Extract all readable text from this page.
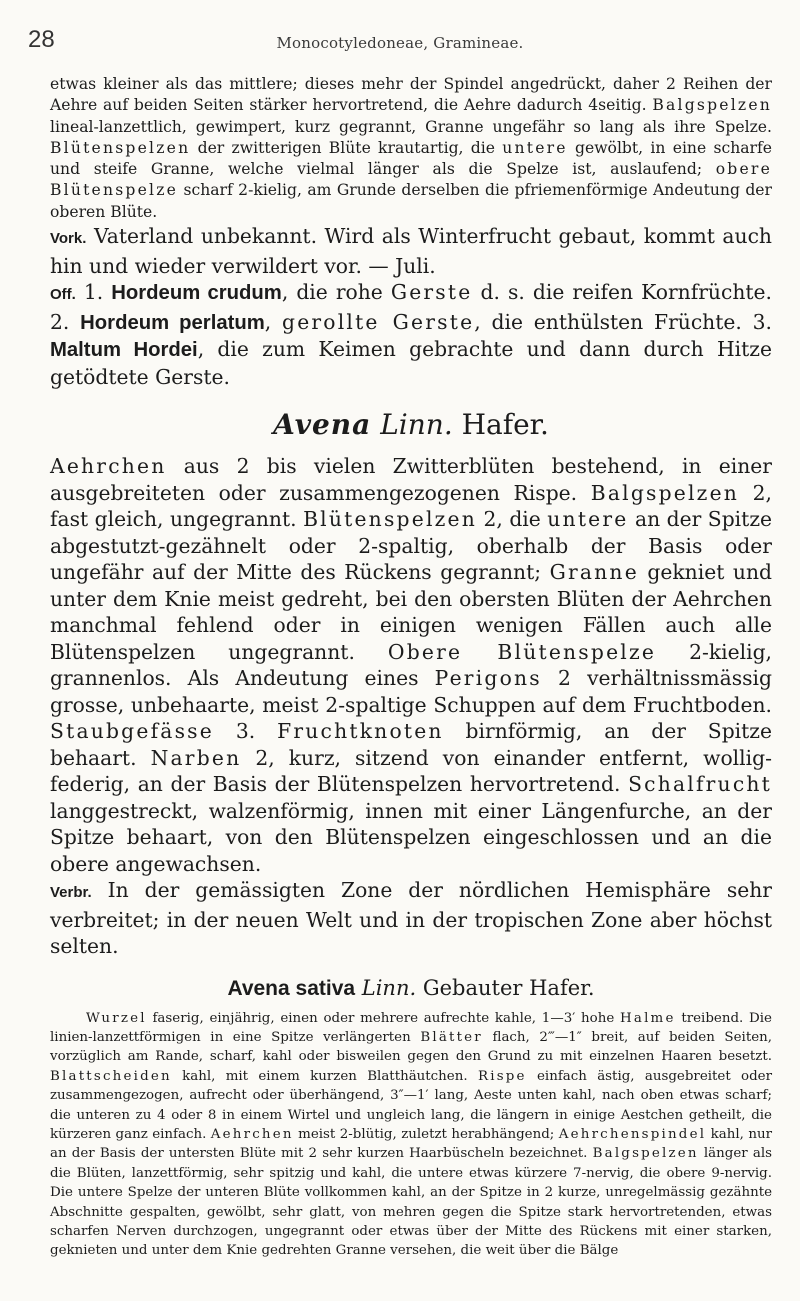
28	Monocotyledoneae, Gramineae.

etwas kleiner als das mittlere; dieses mehr der Spindel angedrückt, daher 2 Reihen der Aehre auf beiden Seiten stärker hervortretend, die Aehre dadurch 4seitig. Balgspelzen lineal-lanzettlich, gewimpert, kurz gegrannt, Granne ungefähr so lang als ihre Spelze. Blütenspelzen der zwitterigen Blüte krautartig, die untere gewölbt, in eine scharfe und steife Granne, welche vielmal länger als die Spelze ist, auslaufend; obere Blütenspelze scharf 2-kielig, am Grunde derselben die pfriemenförmige Andeutung der oberen Blüte.

Vork. Vaterland unbekannt. Wird als Winterfrucht gebaut, kommt auch hin und wieder verwildert vor. — Juli.

Off. 1. Hordeum crudum, die rohe Gerste d. s. die reifen Kornfrüchte. 2. Hordeum perlatum, gerollte Gerste, die enthülsten Früchte. 3. Maltum Hordei, die zum Keimen gebrachte und dann durch Hitze getödtete Gerste.

Avena Linn. Hafer.

Aehrchen aus 2 bis vielen Zwitterblüten bestehend, in einer ausgebreiteten oder zusammengezogenen Rispe. Balgspelzen 2, fast gleich, ungegrannt. Blütenspelzen 2, die untere an der Spitze abgestutzt-gezähnelt oder 2-spaltig, oberhalb der Basis oder ungefähr auf der Mitte des Rückens gegrannt; Granne gekniet und unter dem Knie meist gedreht, bei den obersten Blüten der Aehrchen manchmal fehlend oder in einigen wenigen Fällen auch alle Blütenspelzen ungegrannt. Obere Blütenspelze 2-kielig, grannenlos. Als Andeutung eines Perigons 2 verhältnissmässig grosse, unbehaarte, meist 2-spaltige Schuppen auf dem Fruchtboden. Staubgefässe 3. Fruchtknoten birnförmig, an der Spitze behaart. Narben 2, kurz, sitzend von einander entfernt, wollig-federig, an der Basis der Blütenspelzen hervortretend. Schalfrucht langgestreckt, walzenförmig, innen mit einer Längenfurche, an der Spitze behaart, von den Blütenspelzen eingeschlossen und an die obere angewachsen.

Verbr. In der gemässigten Zone der nördlichen Hemisphäre sehr verbreitet; in der neuen Welt und in der tropischen Zone aber höchst selten.

Avena sativa Linn. Gebauter Hafer.

Wurzel faserig, einjährig, einen oder mehrere aufrechte kahle, 1—3′ hohe Halme treibend. Die linien-lanzettförmigen in eine Spitze verlängerten Blätter flach, 2‴—1″ breit, auf beiden Seiten, vorzüglich am Rande, scharf, kahl oder bisweilen gegen den Grund zu mit einzelnen Haaren besetzt. Blattscheiden kahl, mit einem kurzen Blatthäutchen. Rispe einfach ästig, ausgebreitet oder zusammengezogen, aufrecht oder überhängend, 3″—1′ lang, Aeste unten kahl, nach oben etwas scharf; die unteren zu 4 oder 8 in einem Wirtel und ungleich lang, die längern in einige Aestchen getheilt, die kürzeren ganz einfach. Aehrchen meist 2-blütig, zuletzt herabhängend; Aehrchenspindel kahl, nur an der Basis der untersten Blüte mit 2 sehr kurzen Haarbüscheln bezeichnet. Balgspelzen länger als die Blüten, lanzettförmig, sehr spitzig und kahl, die untere etwas kürzere 7-nervig, die obere 9-nervig. Die untere Spelze der unteren Blüte vollkommen kahl, an der Spitze in 2 kurze, unregelmässig gezähnte Abschnitte gespalten, gewölbt, sehr glatt, von mehren gegen die Spitze stark hervortretenden, etwas scharfen Nerven durchzogen, ungegrannt oder etwas über der Mitte des Rückens mit einer starken, geknieten und unter dem Knie gedrehten Granne versehen, die weit über die Bälge
